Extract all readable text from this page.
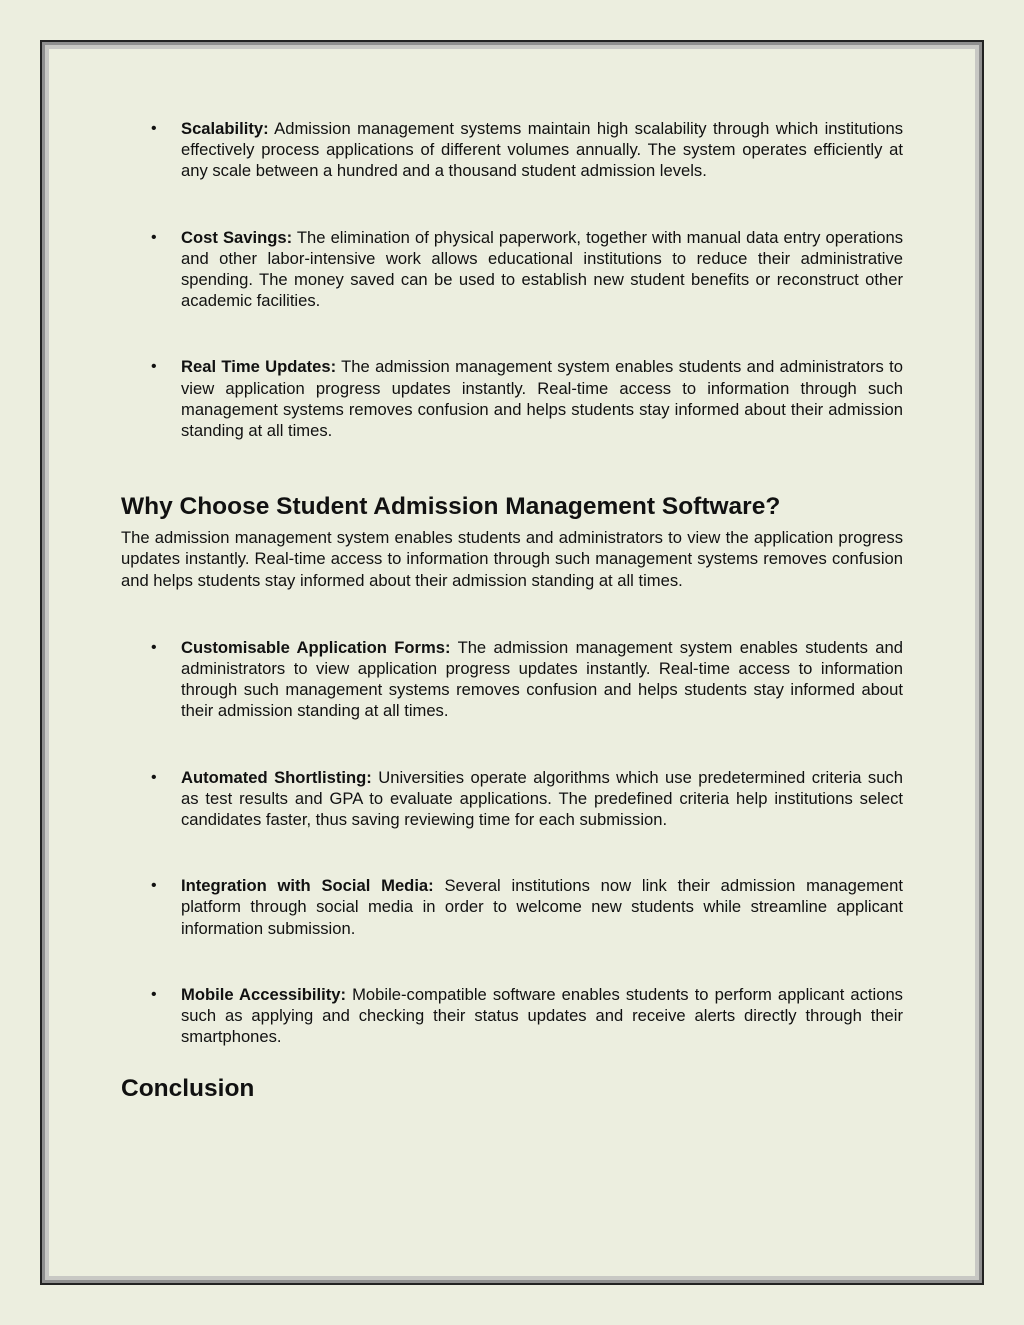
• Scalability: Admission management systems maintain high scalability through which institutions effectively process applications of different volumes annually. The system operates efficiently at any scale between a hundred and a thousand student admission levels.
• Cost Savings: The elimination of physical paperwork, together with manual data entry operations and other labor-intensive work allows educational institutions to reduce their administrative spending. The money saved can be used to establish new student benefits or reconstruct other academic facilities.
• Real Time Updates: The admission management system enables students and administrators to view application progress updates instantly. Real-time access to information through such management systems removes confusion and helps students stay informed about their admission standing at all times.
Why Choose Student Admission Management Software?

The admission management system enables students and administrators to view the application progress updates instantly. Real-time access to information through such management systems removes confusion and helps students stay informed about their admission standing at all times.

• Customisable Application Forms: The admission management system enables students and administrators to view application progress updates instantly. Real-time access to information through such management systems removes confusion and helps students stay informed about their admission standing at all times.
• Automated Shortlisting: Universities operate algorithms which use predetermined criteria such as test results and GPA to evaluate applications. The predefined criteria help institutions select candidates faster, thus saving reviewing time for each submission.
• Integration with Social Media: Several institutions now link their admission management platform through social media in order to welcome new students while streamline applicant information submission.
• Mobile Accessibility: Mobile-compatible software enables students to perform applicant actions such as applying and checking their status updates and receive alerts directly through their smartphones.
Conclusion
